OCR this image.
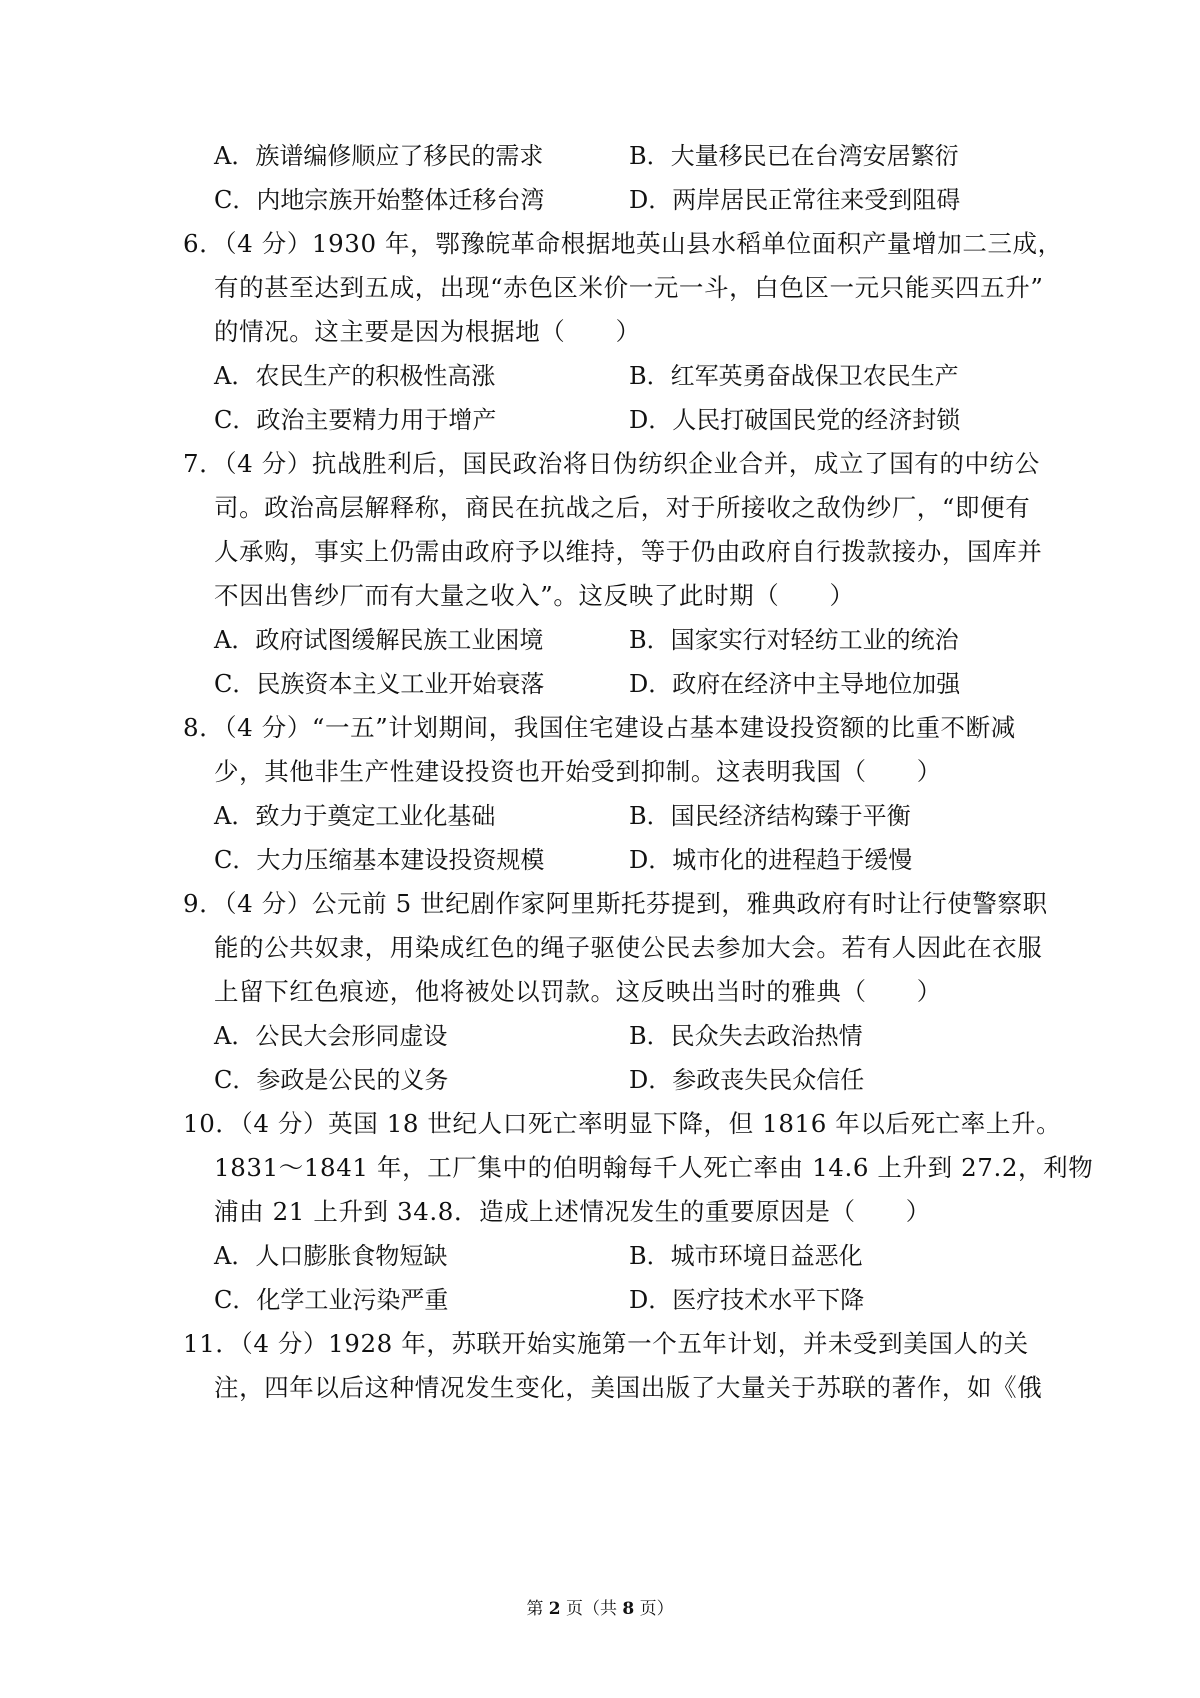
A．族谱编修顺应了移民的需求	B．大量移民已在台湾安居繁衍
C．内地宗族开始整体迁移台湾	D．两岸居民正常往来受到阻碍
6．（4 分）1930 年，鄂豫皖革命根据地英山县水稻单位面积产量增加二三成，
有的甚至达到五成，出现“赤色区米价一元一斗，白色区一元只能买四五升”
的情况。这主要是因为根据地（　　）
A．农民生产的积极性高涨	B．红军英勇奋战保卫农民生产
C．政治主要精力用于增产	D．人民打破国民党的经济封锁
7．（4 分）抗战胜利后，国民政治将日伪纺织企业合并，成立了国有的中纺公
司。政治高层解释称，商民在抗战之后，对于所接收之敌伪纱厂，“即便有
人承购，事实上仍需由政府予以维持，等于仍由政府自行拨款接办，国库并
不因出售纱厂而有大量之收入”。这反映了此时期（　　）
A．政府试图缓解民族工业困境	B．国家实行对轻纺工业的统治
C．民族资本主义工业开始衰落	D．政府在经济中主导地位加强
8．（4 分）“一五”计划期间，我国住宅建设占基本建设投资额的比重不断减
少，其他非生产性建设投资也开始受到抑制。这表明我国（　　）
A．致力于奠定工业化基础	B．国民经济结构臻于平衡
C．大力压缩基本建设投资规模	D．城市化的进程趋于缓慢
9．（4 分）公元前 5 世纪剧作家阿里斯托芬提到，雅典政府有时让行使警察职
能的公共奴隶，用染成红色的绳子驱使公民去参加大会。若有人因此在衣服
上留下红色痕迹，他将被处以罚款。这反映出当时的雅典（　　）
A．公民大会形同虚设	B．民众失去政治热情
C．参政是公民的义务	D．参政丧失民众信任
10．（4 分）英国 18 世纪人口死亡率明显下降，但 1816 年以后死亡率上升。
1831～1841 年，工厂集中的伯明翰每千人死亡率由 14.6 上升到 27.2，利物
浦由 21 上升到 34.8．造成上述情况发生的重要原因是（　　）
A．人口膨胀食物短缺	B．城市环境日益恶化
C．化学工业污染严重	D．医疗技术水平下降
11．（4 分）1928 年，苏联开始实施第一个五年计划，并未受到美国人的关
注，四年以后这种情况发生变化，美国出版了大量关于苏联的著作，如《俄
第 2 页（共 8 页）
